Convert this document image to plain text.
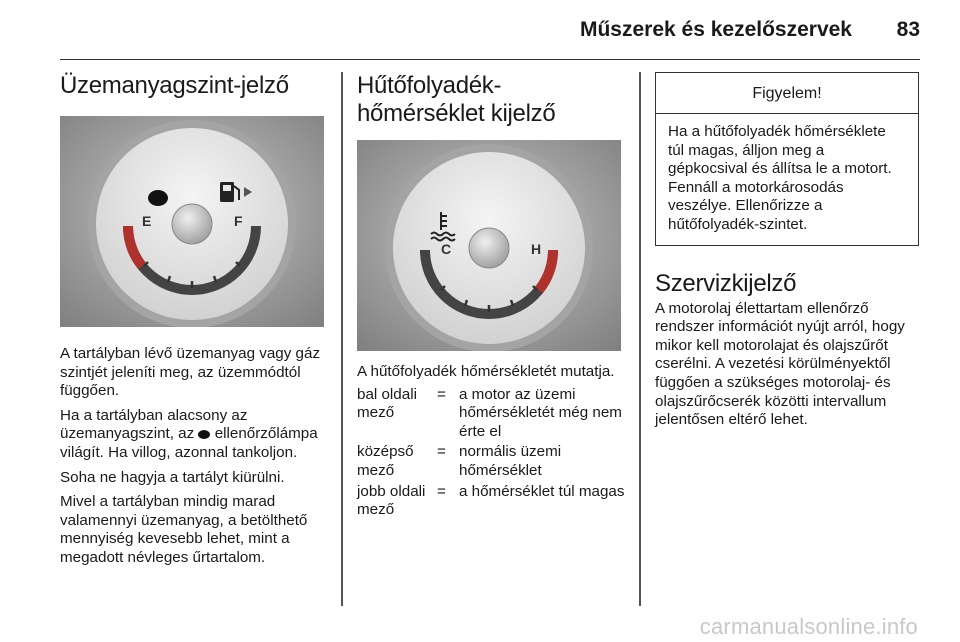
Műszerek és kezelőszervek 83
Üzemanyagszint-jelző
E	F

A tartályban lévő üzemanyag vagy gáz szintjét jeleníti meg, az üzemmódtól függően.

Ha a tartályban alacsony az üzemanyagszint, az ellenőrzőlámpa világít. Ha villog, azonnal tankoljon.

Soha ne hagyja a tartályt kiürülni.

Mivel a tartályban mindig marad valamennyi üzemanyag, a betölthető mennyiség kevesebb lehet, mint a megadott névleges űrtartalom.

Hűtőfolyadék-hőmérséklet kijelző
C	H

A hűtőfolyadék hőmérsékletét mutatja.

bal oldali mező
= a motor az üzemi hőmérsékletét még nem érte el
középső mező
= normális üzemi hőmérséklet
jobb oldali mező
= a hőmérséklet túl magas
Figyelem!

Ha a hűtőfolyadék hőmérséklete túl magas, álljon meg a gépkocsival és állítsa le a motort. Fennáll a motorkárosodás veszélye. Ellenőrizze a hűtőfolyadék-szintet.

Szervizkijelző

A motorolaj élettartam ellenőrző rendszer információt nyújt arról, hogy mikor kell motorolajat és olajszűrőt cserélni. A vezetési körülményektől függően a szükséges motorolaj- és olajszűrőcserék közötti intervallum jelentősen eltérő lehet.

carmanualsonline.info
